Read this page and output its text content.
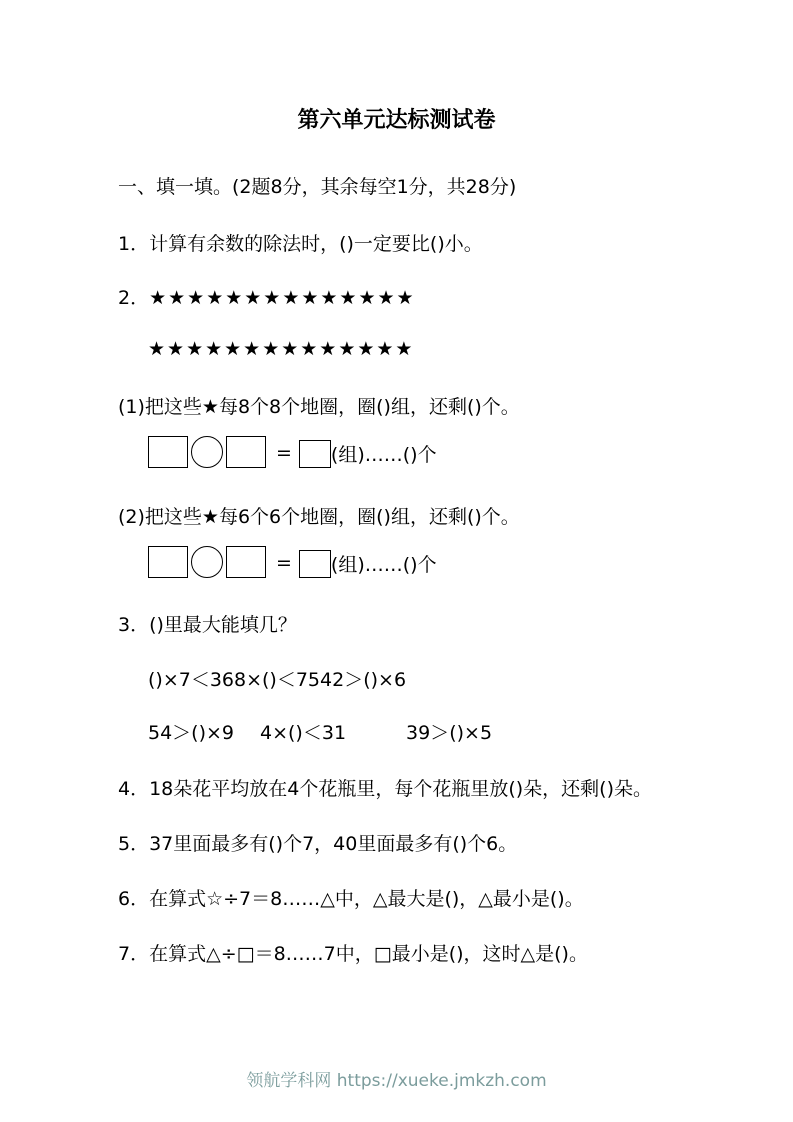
第六单元达标测试卷
一、填一填。(2题8分，其余每空1分，共28分)
1．计算有余数的除法时，()一定要比()小。
2．★★★★★★★★★★★★★★
★★★★★★★★★★★★★★
(1)把这些★每8个8个地圈，圈()组，还剩()个。
= (组)……()个
(2)把这些★每6个6个地圈，圈()组，还剩()个。
= (组)……()个
3．()里最大能填几？
()×7＜368×()＜7542＞()×6
54＞()×9 4×()＜31	39＞()×5
4．18朵花平均放在4个花瓶里，每个花瓶里放()朵，还剩()朵。
5．37里面最多有()个7，40里面最多有()个6。
6．在算式☆÷7＝8……△中，△最大是()，△最小是()。
7．在算式△÷□＝8……7中，□最小是()，这时△是()。
领航学科网 https://xueke.jmkzh.com
